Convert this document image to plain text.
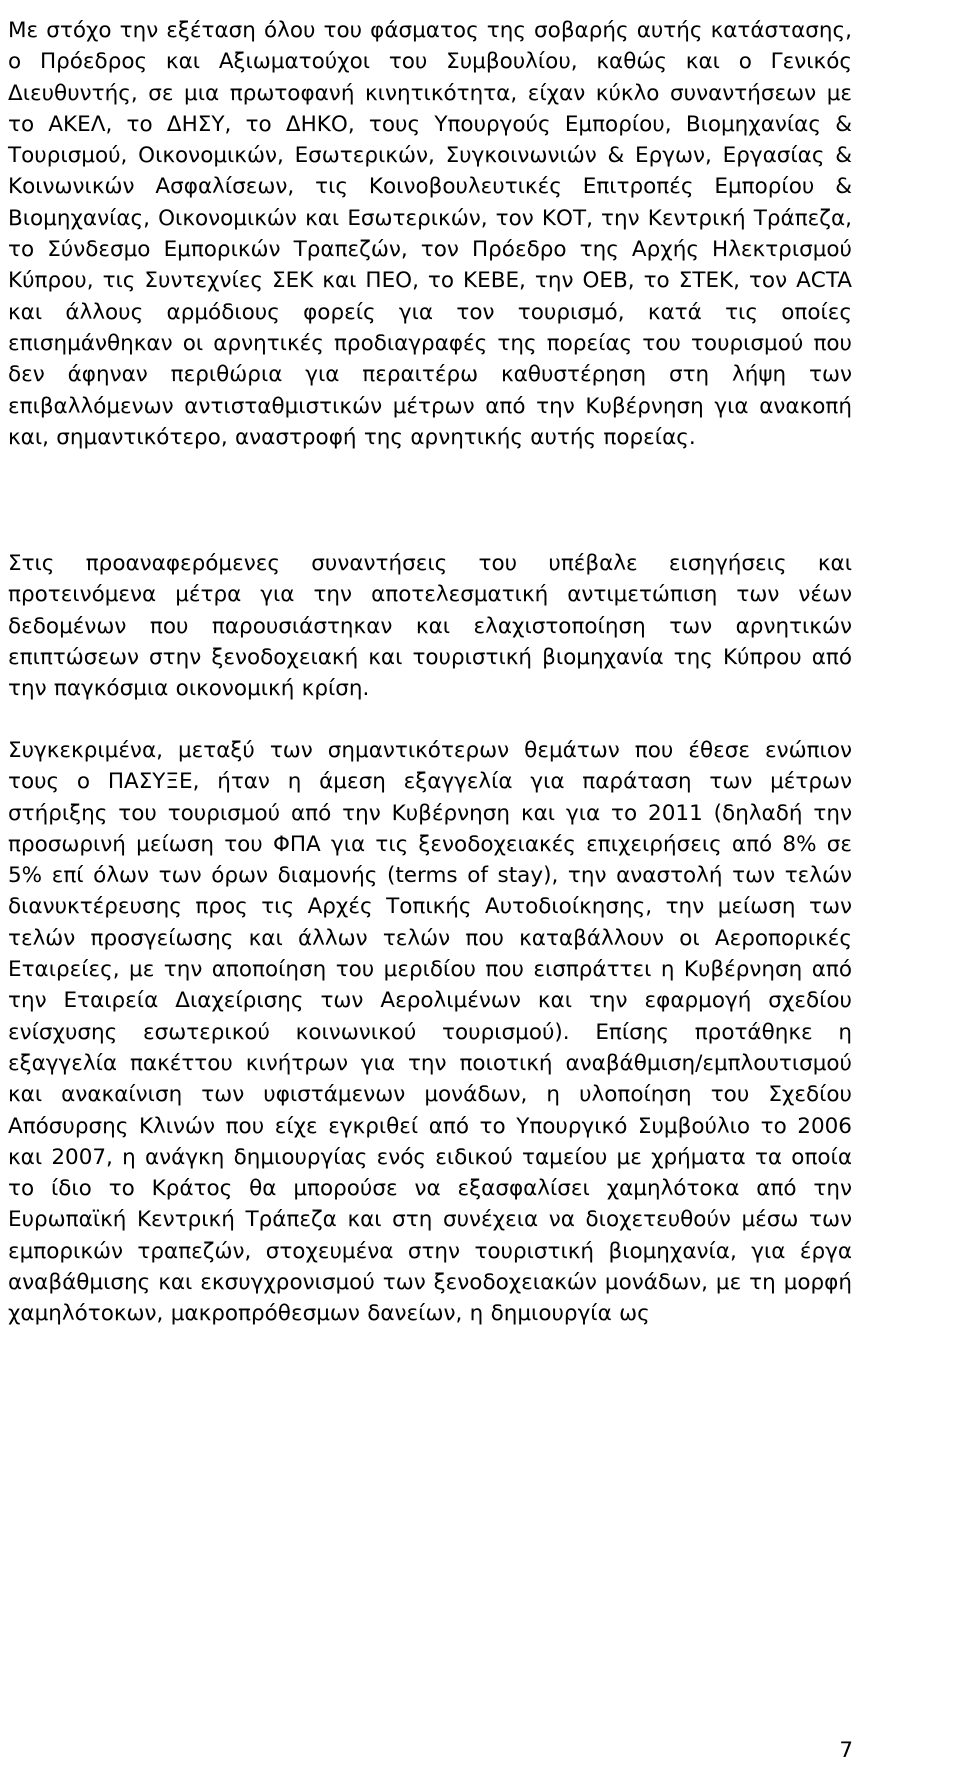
Με στόχο την εξέταση όλου του φάσματος της σοβαρής αυτής κατάστασης, ο Πρόεδρος και Αξιωματούχοι του Συμβουλίου, καθώς και ο Γενικός Διευθυντής, σε μια πρωτοφανή κινητικότητα, είχαν κύκλο συναντήσεων με το ΑΚΕΛ, το ΔΗΣΥ, το ΔΗΚΟ, τους Υπουργούς Εμπορίου, Βιομηχανίας & Τουρισμού, Οικονομικών, Εσωτερικών, Συγκοινωνιών & Εργων, Εργασίας & Κοινωνικών Ασφαλίσεων, τις Κοινοβουλευτικές Επιτροπές Εμπορίου & Βιομηχανίας, Οικονομικών και Εσωτερικών, τον ΚΟΤ, την Κεντρική Τράπεζα, το Σύνδεσμο Εμπορικών Τραπεζών, τον Πρόεδρο της Αρχής Ηλεκτρισμού Κύπρου, τις Συντεχνίες ΣΕΚ και ΠΕΟ, το ΚΕΒΕ, την ΟΕΒ, το ΣΤΕΚ, τον ΑCTA και άλλους αρμόδιους φορείς για τον τουρισμό, κατά τις οποίες επισημάνθηκαν οι αρνητικές προδιαγραφές της πορείας του τουρισμού που δεν άφηναν περιθώρια για περαιτέρω καθυστέρηση στη λήψη των επιβαλλόμενων αντισταθμιστικών μέτρων από την Κυβέρνηση για ανακοπή και, σημαντικότερο, αναστροφή της αρνητικής αυτής πορείας.

Στις προαναφερόμενες συναντήσεις του υπέβαλε εισηγήσεις και προτεινόμενα μέτρα για την αποτελεσματική αντιμετώπιση των νέων δεδομένων που παρουσιάστηκαν και ελαχιστοποίηση των αρνητικών επιπτώσεων στην ξενοδοχειακή και τουριστική βιομηχανία της Κύπρου από την παγκόσμια οικονομική κρίση.

Συγκεκριμένα, μεταξύ των σημαντικότερων θεμάτων που έθεσε ενώπιον τους ο ΠΑΣΥΞΕ, ήταν η άμεση εξαγγελία για παράταση των μέτρων στήριξης του τουρισμού από την Κυβέρνηση και για το 2011 (δηλαδή την προσωρινή μείωση του ΦΠΑ για τις ξενοδοχειακές επιχειρήσεις από 8% σε 5% επί όλων των όρων διαμονής (terms of stay), την αναστολή των τελών διανυκτέρευσης προς τις Αρχές Τοπικής Αυτοδιοίκησης, την μείωση των τελών προσγείωσης και άλλων τελών που καταβάλλουν οι Αεροπορικές Εταιρείες, με την αποποίηση του μεριδίου που εισπράττει η Κυβέρνηση από την Εταιρεία Διαχείρισης των Αερολιμένων και την εφαρμογή σχεδίου ενίσχυσης εσωτερικού κοινωνικού τουρισμού). Επίσης προτάθηκε η εξαγγελία πακέττου κινήτρων για την ποιοτική αναβάθμιση/εμπλουτισμού και ανακαίνιση των υφιστάμενων μονάδων, η υλοποίηση του Σχεδίου Απόσυρσης Κλινών που είχε εγκριθεί από το Υπουργικό Συμβούλιο το 2006 και 2007, η ανάγκη δημιουργίας ενός ειδικού ταμείου με χρήματα τα οποία το ίδιο το Κράτος θα μπορούσε να εξασφαλίσει χαμηλότοκα από την Ευρωπαϊκή Κεντρική Τράπεζα και στη συνέχεια να διοχετευθούν μέσω των εμπορικών τραπεζών, στοχευμένα στην τουριστική βιομηχανία, για έργα αναβάθμισης και εκσυγχρονισμού των ξενοδοχειακών μονάδων, με τη μορφή χαμηλότοκων, μακροπρόθεσμων δανείων, η δημιουργία ως

7
